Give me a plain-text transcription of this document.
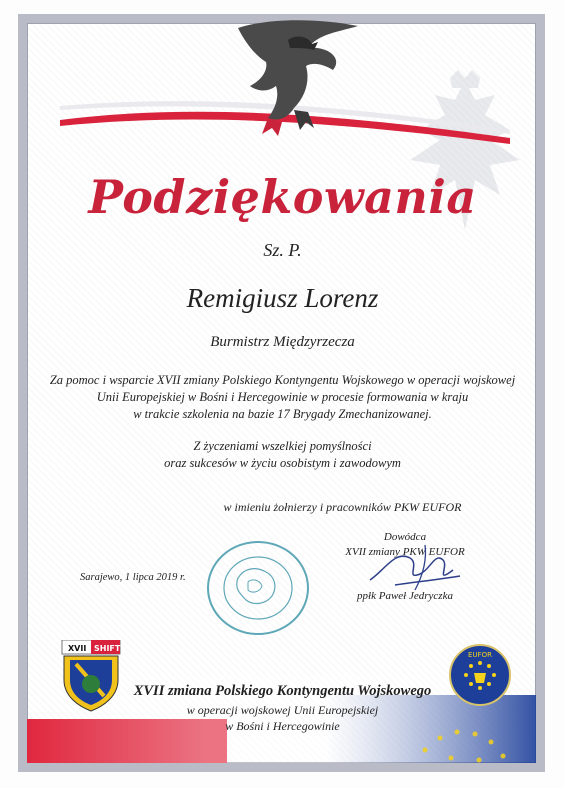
Podziękowania
Sz. P.
Remigiusz Lorenz
Burmistrz Międzyrzecza
Za pomoc i wsparcie XVII zmiany Polskiego Kontyngentu Wojskowego w operacji wojskowej
Unii Europejskiej w Bośni i Hercegowinie w procesie formowania w kraju
w trakcie szkolenia na bazie 17 Brygady Zmechanizowanej.
Z życzeniami wszelkiej pomyślności
oraz sukcesów w życiu osobistym i zawodowym
w imieniu żołnierzy i pracowników PKW EUFOR
Dowódca
XVII zmiany PKW EUFOR
Sarajewo, 1 lipca 2019 r.
ppłk Paweł Jedryczka
XVII SHIFT
EUFOR
XVII zmiana Polskiego Kontyngentu Wojskowego
w operacji wojskowej Unii Europejskiej
w Bośni i Hercegowinie
